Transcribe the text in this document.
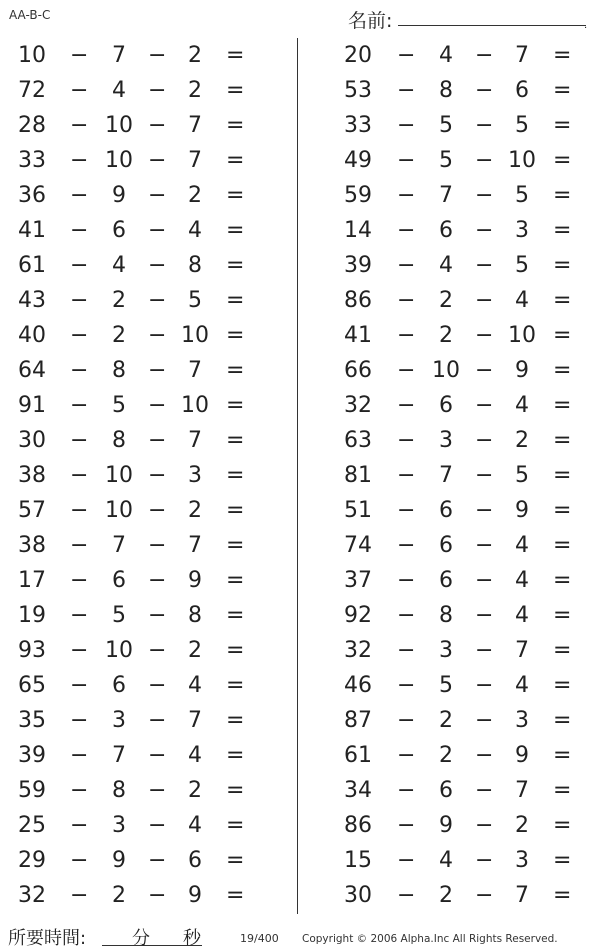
AA-B-C	名前:	.
10 −	7	− 2	=
72 −	4	− 2	=
28 − 10 − 7	=
33 − 10 − 7	=
36 −	9	− 2	=
41 −	6	− 4	=
61 −	4	− 8	=
43 −	2	− 5	=
40 −	2	− 10 =
64 −	8	− 7	=
91 −	5	− 10 =
30 −	8	− 7	=
38 − 10 − 3	=
57 − 10 − 2	=
38 −	7	− 7	=
17 −	6	− 9	=
19 −	5	− 8	=
93 − 10 − 2	=
65 −	6	− 4	=
35 −	3	− 7	=
39 −	7	− 4	=
59 −	8	− 2	=
25 −	3	− 4	=
29 −	9	− 6	=
32 −	2	− 9	=
20 −	4	− 7	=
53 −	8	− 6	=
33 −	5	− 5	=
49 −	5	− 10 =
59 −	7	− 5	=
14 −	6	− 3	=
39 −	4	− 5	=
86 −	2	− 4	=
41 −	2	− 10 =
66 − 10 − 9	=
32 −	6	− 4	=
63 −	3	− 2	=
81 −	7	− 5	=
51 −	6	− 9	=
74 −	6	− 4	=
37 −	6	− 4	=
92 −	8	− 4	=
32 −	3	− 7	=
46 −	5	− 4	=
87 −	2	− 3	=
61 −	2	− 9	=
34 −	6	− 7	=
86 −	9	− 2	=
15 −	4	− 3	=
30 −	2	− 7	=
所要時間:	分 秒	19/400 Copyright © 2006 Alpha.Inc All Rights Reserved.
